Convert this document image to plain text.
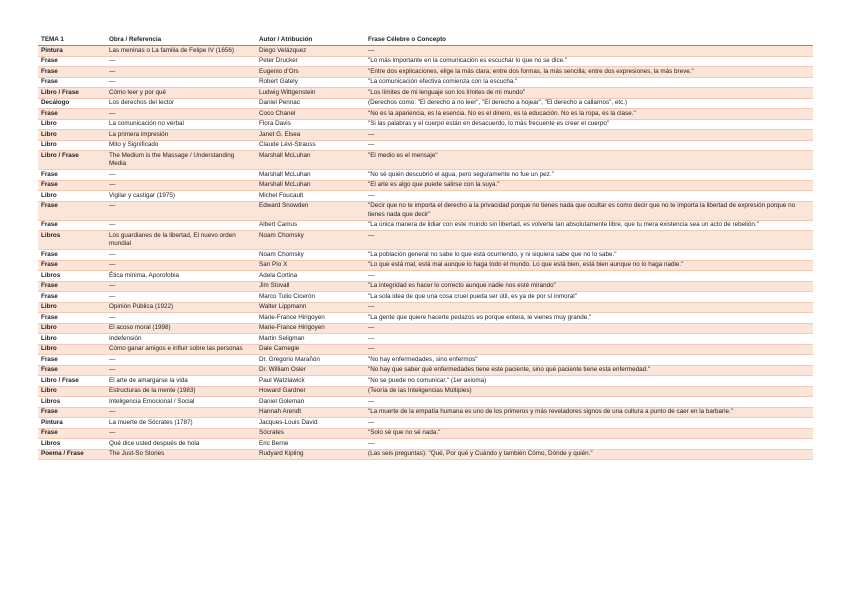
TEMA 1	Obra / Referencia	Autor / Atribución	Frase Célebre o Concepto
Pintura	Las meninas o La familia de Felipe IV (1656)	Diego Velázquez	—
Frase	—	Peter Drucker	"Lo más importante en la comunicación es escuchar lo que no se dice."
Frase	—	Eugenio d'Ors	"Entre dos explicaciones, elige la más clara; entre dos formas, la más sencilla; entre dos expresiones, la más breve."
Frase	—	Robert Gately	"La comunicación efectiva comienza con la escucha."
Libro / Frase	Cómo leer y por qué	Ludwig Wittgenstein	"Los límites de mi lenguaje son los límites de mi mundo"
Decálogo	Los derechos del lector	Daniel Pennac	(Derechos como: "El derecho a no leer", "El derecho a hojear", "El derecho a callarnos", etc.)
Frase	—	Coco Chanel	"No es la apariencia, es la esencia. No es el dinero, es la educación. No es la ropa, es la clase."
Libro	La comunicación no verbal	Flora Davis	"Si las palabras y el cuerpo están en desacuerdo, lo más frecuente es creer el cuerpo"
Libro	La primera impresión	Janet G. Elsea	—
Libro	Mito y Significado	Claude Lévi-Strauss	—
Libro / Frase	The Medium is the Massage / Understanding Media	Marshall McLuhan	"El medio es el mensaje"
Frase	—	Marshall McLuhan	"No sé quién descubrió el agua, pero seguramente no fue un pez."
Frase	—	Marshall McLuhan	"El arte es algo que puede salirse con la suya."
Libro	Vigilar y castigar (1975)	Michel Foucault	—
Frase	—	Edward Snowden	"Decir que no te importa el derecho a la privacidad porque no tienes nada que ocultar es como decir que no te importa la libertad de expresión porque no tienes nada que decir"
Frase	—	Albert Camus	"La única manera de lidiar con este mundo sin libertad, es volverte tan absolutamente libre, que tu mera existencia sea un acto de rebelión."
Libros	Los guardianes de la libertad, El nuevo orden mundial	Noam Chomsky	—
Frase	—	Noam Chomsky	"La población general no sabe lo que está ocurriendo, y ni siquiera sabe que no lo sabe."
Frase	—	San Pío X	"Lo que está mal, está mal aunque lo haga todo el mundo. Lo que está bien, está bien aunque no lo haga nadie."
Libros	Ética mínima, Aporofobia	Adela Cortina	—
Frase	—	Jim Stovall	"La integridad es hacer lo correcto aunque nadie nos esté mirando"
Frase	—	Marco Tulio Cicerón	"La sola idea de que una cosa cruel pueda ser útil, es ya de por sí inmoral"
Libro	Opinión Pública (1922)	Walter Lippmann	—
Frase	—	Marie-France Hirigoyen	"La gente que quiere hacerte pedazos es porque entera, le vienes muy grande."
Libro	El acoso moral (1998)	Marie-France Hirigoyen	—
Libro	Indefensión	Martin Seligman	—
Libro	Cómo ganar amigos e influir sobre las personas	Dale Carnegie	—
Frase	—	Dr. Gregorio Marañón	"No hay enfermedades, sino enfermos"
Frase	—	Dr. William Osler	"No hay que saber qué enfermedades tiene este paciente, sino qué paciente tiene esta enfermedad."
Libro / Frase	El arte de amargarse la vida	Paul Watzlawick	"No se puede no comunicar." (1er axioma)
Libro	Estructuras de la mente (1983)	Howard Gardner	(Teoría de las Inteligencias Múltiples)
Libros	Inteligencia Emocional / Social	Daniel Goleman	—
Frase	—	Hannah Arendt	"La muerte de la empatía humana es uno de los primeros y más reveladores signos de una cultura a punto de caer en la barbarie."
Pintura	La muerte de Sócrates (1787)	Jacques-Louis David	—
Frase	—	Sócrates	"Solo sé que no sé nada."
Libros	Qué dice usted después de hola	Eric Berne	—
Poema / Frase	The Just-So Stories	Rudyard Kipling	(Las seis preguntas): "Qué, Por qué y Cuándo y también Cómo, Dónde y quién."
